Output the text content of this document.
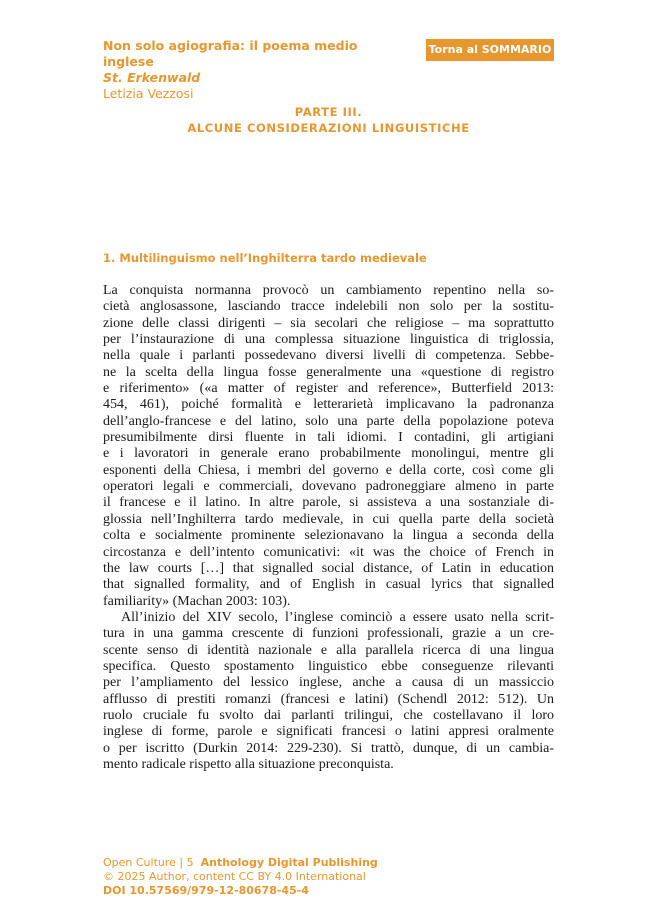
Non solo agiografia: il poema medio inglese
St. Erkenwald
Letizia Vezzosi
Torna al SOMMARIO
PARTE III.
ALCUNE CONSIDERAZIONI LINGUISTICHE
1. Multilinguismo nell’Inghilterra tardo medievale
La conquista normanna provocò un cambiamento repentino nella so-
cietà anglosassone, lasciando tracce indelebili non solo per la sostitu-
zione delle classi dirigenti – sia secolari che religiose – ma soprattutto
per l’instaurazione di una complessa situazione linguistica di triglossia,
nella quale i parlanti possedevano diversi livelli di competenza. Sebbe-
ne la scelta della lingua fosse generalmente una «questione di registro
e riferimento» («a matter of register and reference», Butterfield 2013:
454, 461), poiché formalità e letterarietà implicavano la padronanza
dell’anglo-francese e del latino, solo una parte della popolazione poteva
presumibilmente dirsi fluente in tali idiomi. I contadini, gli artigiani
e i lavoratori in generale erano probabilmente monolingui, mentre gli
esponenti della Chiesa, i membri del governo e della corte, così come gli
operatori legali e commerciali, dovevano padroneggiare almeno in parte
il francese e il latino. In altre parole, si assisteva a una sostanziale di-
glossia nell’Inghilterra tardo medievale, in cui quella parte della società
colta e socialmente prominente selezionavano la lingua a seconda della
circostanza e dell’intento comunicativi: «it was the choice of French in
the law courts […] that signalled social distance, of Latin in education
that signalled formality, and of English in casual lyrics that signalled
familiarity» (Machan 2003: 103).
All’inizio del XIV secolo, l’inglese cominciò a essere usato nella scrit-
tura in una gamma crescente di funzioni professionali, grazie a un cre-
scente senso di identità nazionale e alla parallela ricerca di una lingua
specifica. Questo spostamento linguistico ebbe conseguenze rilevanti
per l’ampliamento del lessico inglese, anche a causa di un massiccio
afflusso di prestiti romanzi (francesi e latini) (Schendl 2012: 512). Un
ruolo cruciale fu svolto dai parlanti trilingui, che costellavano il loro
inglese di forme, parole e significati francesi o latini appresi oralmente
o per iscritto (Durkin 2014: 229-230). Si trattò, dunque, di un cambia-
mento radicale rispetto alla situazione preconquista.
Open Culture | 5 Anthology Digital Publishing
© 2025 Author, content CC BY 4.0 International
DOI 10.57569/979-12-80678-45-4
